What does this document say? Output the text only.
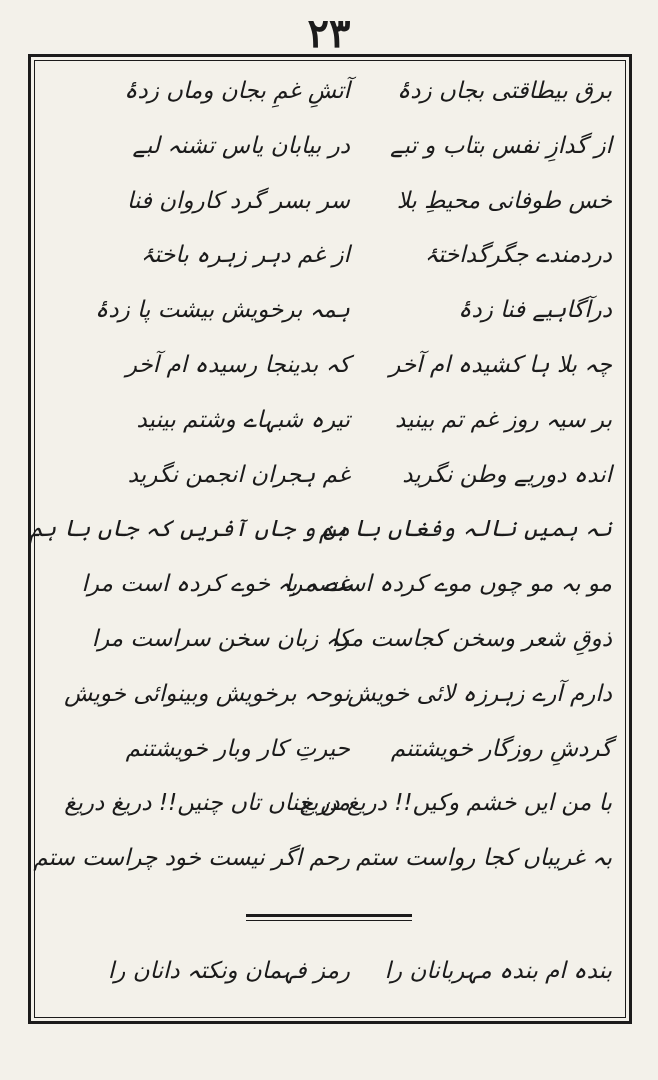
۲۳
برق بیطاقتی بجاں زدۂ
آتشِ غمِ بجان وماں زدۂ
از گدازِ نفس بتاب و تبے
در بیابان یاس تشنہ لبے
خس طوفانی محیطِ بلا
سر بسر گرد کاروان فنا
دردمندے جگرگداختۂ
از غم دہر زہرہ باختۂ
درآگاہیے فنا زدۂ
ہمہ برخویش بیشت پا زدۂ
چہ بلا ہا کشیدہ ام آخر
کہ بدینجا رسیدہ ام آخر
بر سیہ روز غم تم بینید
تیرہ شبہاے وشتم بینید
اندہ دوریے وطن نگرید
غم ہجران انجمن نگرید
نہ ہمیں نالہ وفغاں با ہم
من و جاں آفریں کہ جاں با ہم
مو بہ مو چوں موے کردہ است مرا
غصہ بہ خوے کردہ است مرا
ذوقِ شعر وسخن کجاست مرا
کہ زبان سخن سراست مرا
دارم آرے زہرزہ لائی خویش
نوحہ برخویش وبینوائی خویش
گردشِ روزگار خویشتنم
حیرتِ کار وبار خویشتنم
با من ایں خشم وکیں!! دریغ دریغ
من چناں تاں چنیں!! دریغ دریغ
بہ غریباں کجا رواست ستم
رحم اگر نیست خود چراست ستم
بندہ ام بندہ مہربانان را
رمز فہمان ونکتہ دانان را
